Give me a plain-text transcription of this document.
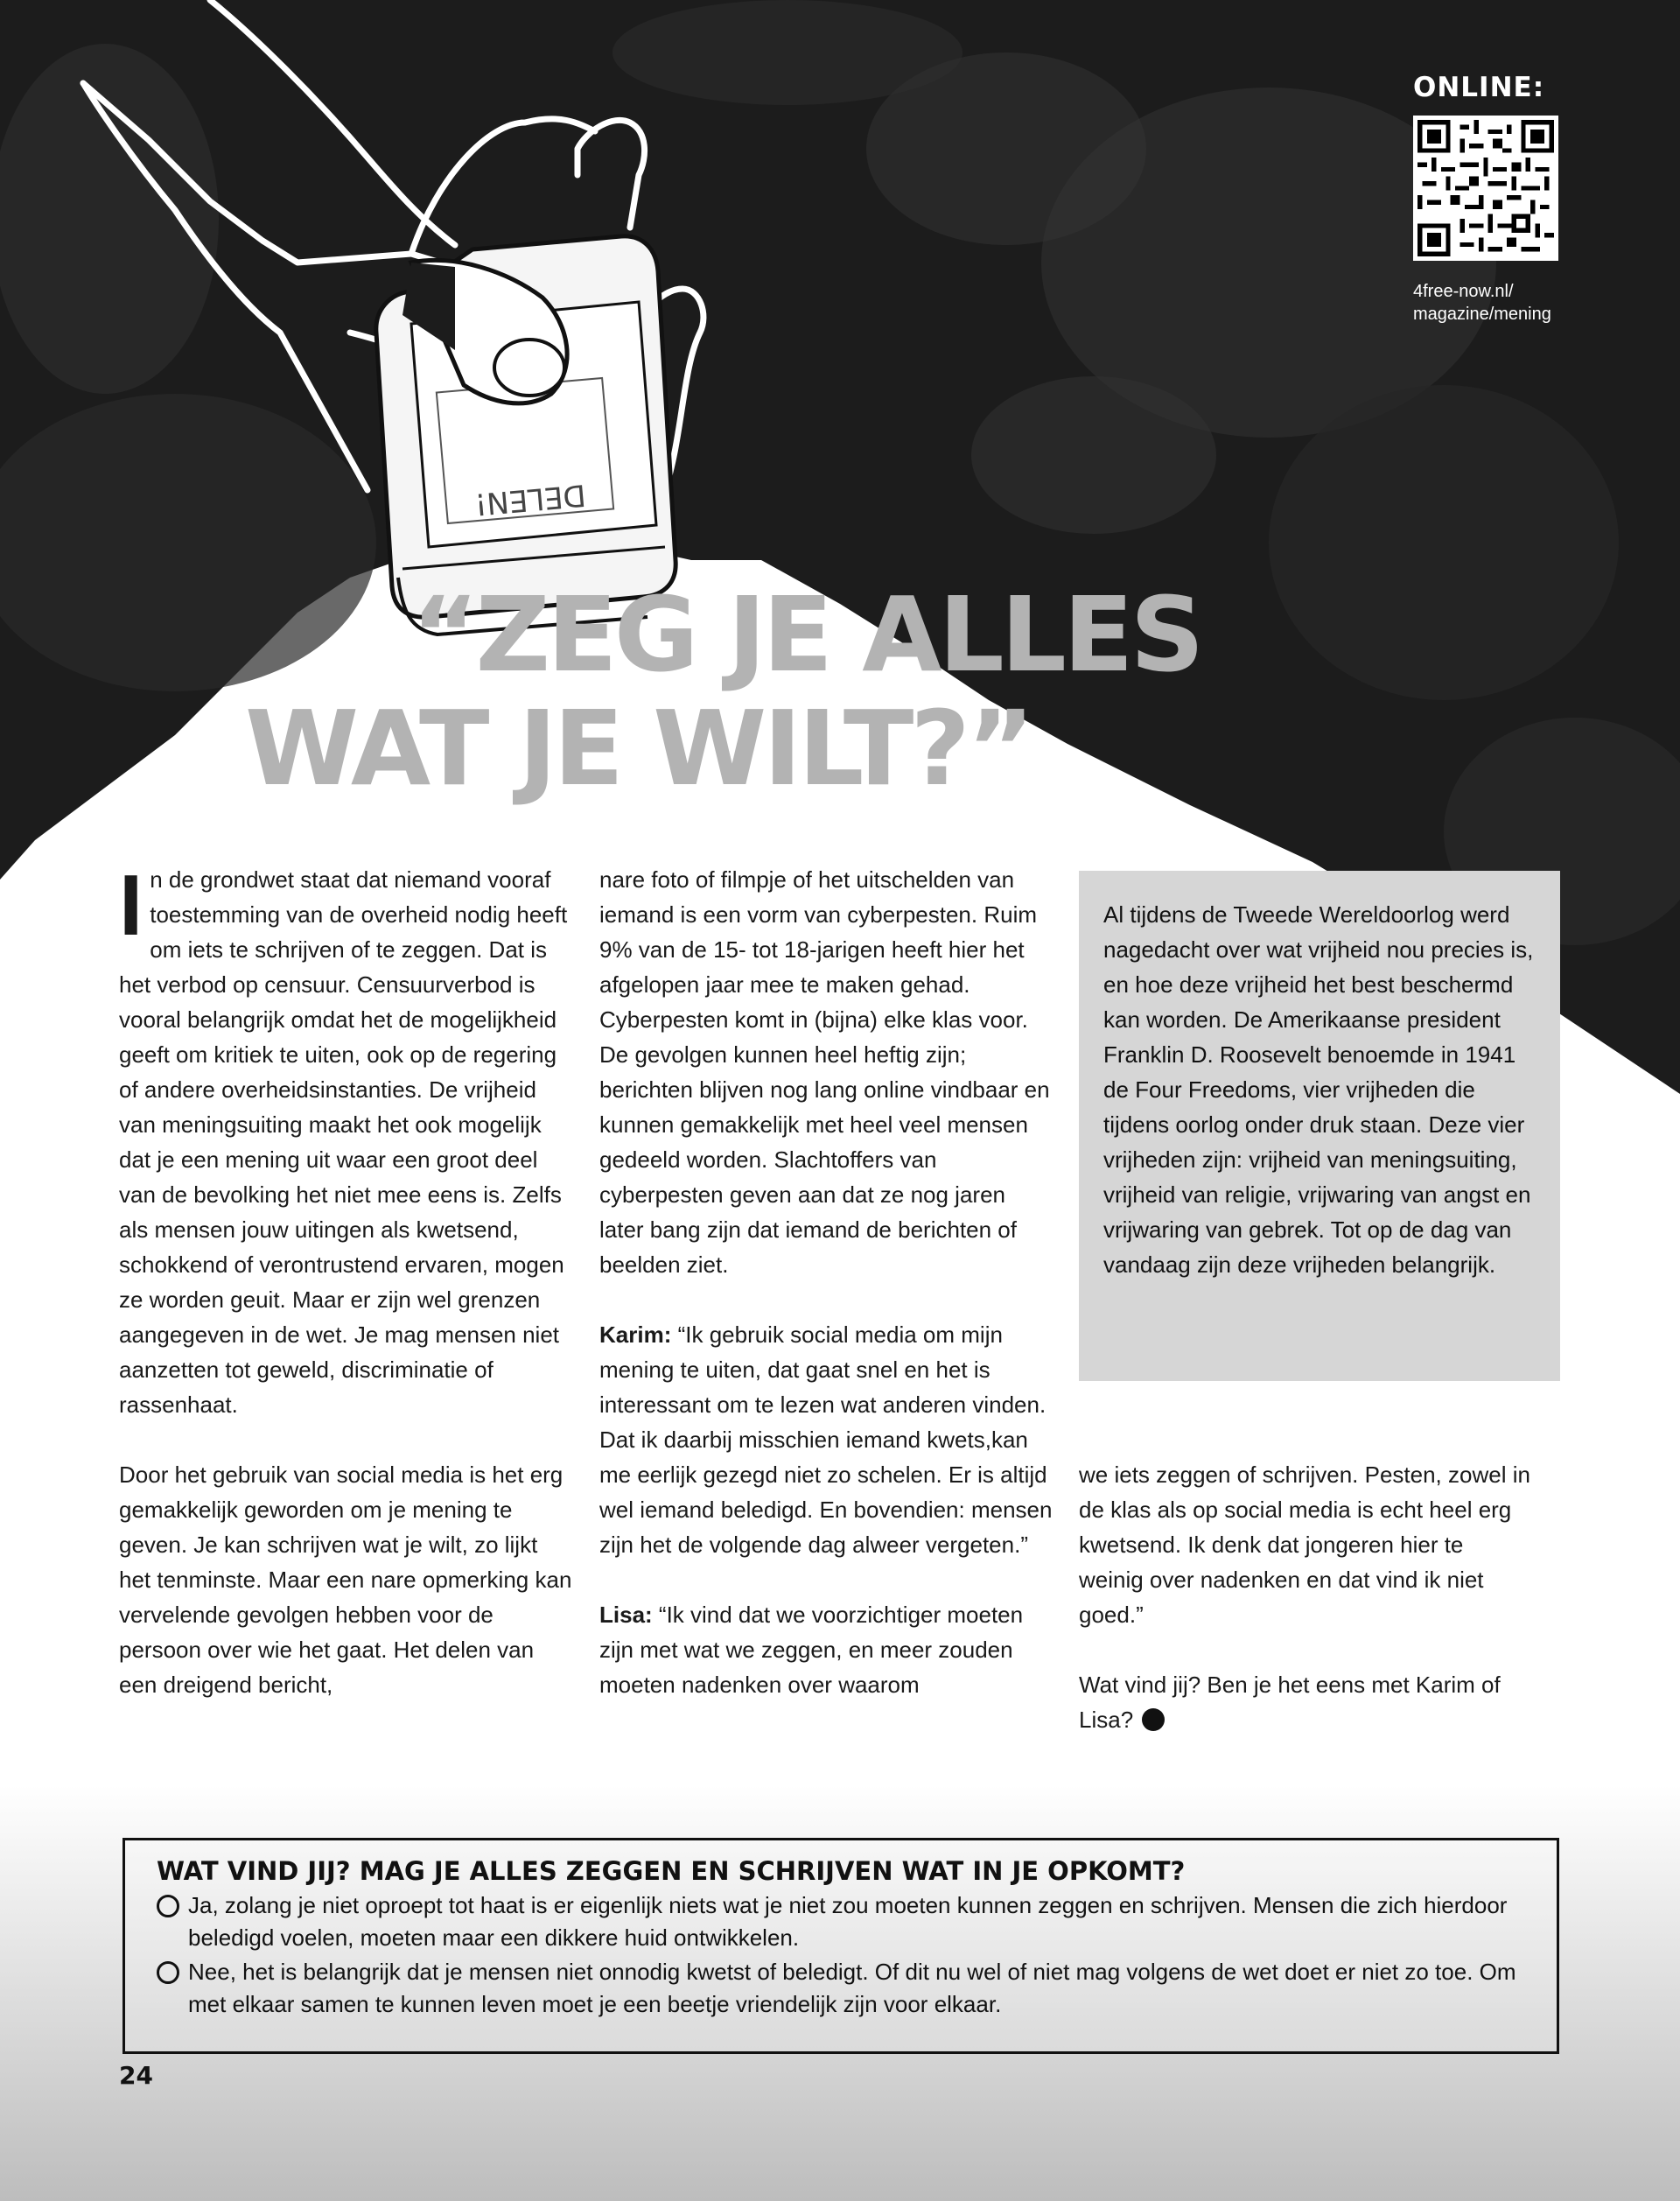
DELEN!
ONLINE:
4free-now.nl/
magazine/mening
“ZEG JE ALLES
WAT JE WILT?”

In de grondwet staat dat niemand vooraf toestemming van de overheid nodig heeft om iets te schrijven of te zeggen. Dat is het verbod op censuur. Censuurverbod is vooral belangrijk omdat het de mogelijkheid geeft om kritiek te uiten, ook op de regering of andere overheidsinstanties. De vrijheid van meningsuiting maakt het ook mogelijk dat je een mening uit waar een groot deel van de bevolking het niet mee eens is. Zelfs als mensen jouw uitingen als kwetsend, schokkend of verontrustend ervaren, mogen ze worden geuit. Maar er zijn wel grenzen aangegeven in de wet. Je mag mensen niet aanzetten tot geweld, discriminatie of rassenhaat.

Door het gebruik van social media is het erg gemakkelijk geworden om je mening te geven. Je kan schrijven wat je wilt, zo lijkt het tenminste. Maar een nare opmerking kan vervelende gevolgen hebben voor de persoon over wie het gaat. Het delen van een dreigend bericht,

nare foto of filmpje of het uitschelden van iemand is een vorm van cyberpesten. Ruim 9% van de 15- tot 18-jarigen heeft hier het afgelopen jaar mee te maken gehad. Cyberpesten komt in (bijna) elke klas voor. De gevolgen kunnen heel heftig zijn; berichten blijven nog lang online vindbaar en kunnen gemakkelijk met heel veel mensen gedeeld worden. Slachtoffers van cyberpesten geven aan dat ze nog jaren later bang zijn dat iemand de berichten of beelden ziet.

Karim: “Ik gebruik social media om mijn mening te uiten, dat gaat snel en het is interessant om te lezen wat anderen vinden. Dat ik daarbij misschien iemand kwets,kan me eerlijk gezegd niet zo schelen. Er is altijd wel iemand beledigd. En bovendien: mensen zijn het de volgende dag alweer vergeten.”

Lisa: “Ik vind dat we voorzichtiger moeten zijn met wat we zeggen, en meer zouden moeten nadenken over waarom

Al tijdens de Tweede Wereldoorlog werd nagedacht over wat vrijheid nou precies is, en hoe deze vrijheid het best beschermd kan worden. De Amerikaanse president Franklin D. Roosevelt benoemde in 1941 de Four Freedoms, vier vrijheden die tijdens oorlog onder druk staan. Deze vier vrijheden zijn: vrijheid van meningsuiting, vrijheid van religie, vrijwaring van angst en vrijwaring van gebrek. Tot op de dag van vandaag zijn deze vrijheden belangrijk.

we iets zeggen of schrijven. Pesten, zowel in de klas als op social media is echt heel erg kwetsend. Ik denk dat jongeren hier te weinig over nadenken en dat vind ik niet goed.”

Wat vind jij? Ben je het eens met Karim of Lisa?

WAT VIND JIJ? MAG JE ALLES ZEGGEN EN SCHRIJVEN WAT IN JE OPKOMT?
Ja, zolang je niet oproept tot haat is er eigenlijk niets wat je niet zou moeten kunnen zeggen en schrijven. Mensen die zich hierdoor beledigd voelen, moeten maar een dikkere huid ontwikkelen.
Nee, het is belangrijk dat je mensen niet onnodig kwetst of beledigt. Of dit nu wel of niet mag volgens de wet doet er niet zo toe. Om met elkaar samen te kunnen leven moet je een beetje vriendelijk zijn voor elkaar.
24
